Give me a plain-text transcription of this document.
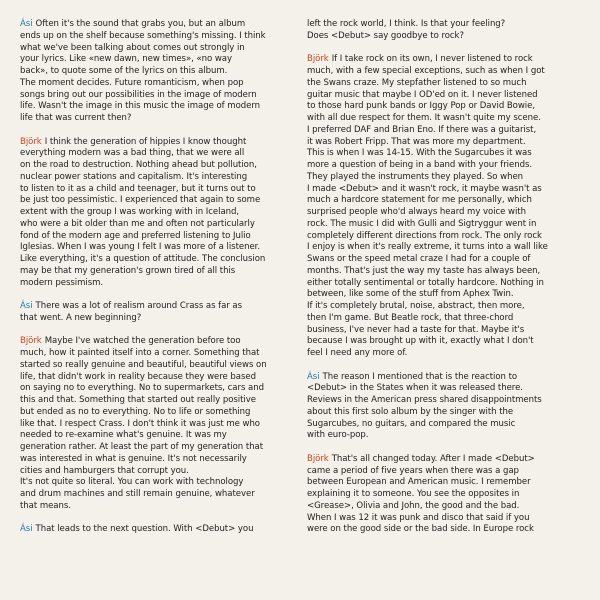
Ási Often it's the sound that grabs you, but an album
ends up on the shelf because something's missing. I think
what we've been talking about comes out strongly in
your lyrics. Like «new dawn, new times», «no way
back», to quote some of the lyrics on this album.
The moment decides. Future romanticism, when pop
songs bring out our possibilities in the image of modern
life. Wasn't the image in this music the image of modern
life that was current then?

Björk I think the generation of hippies I know thought
everything modern was a bad thing, that we were all
on the road to destruction. Nothing ahead but pollution,
nuclear power stations and capitalism. It's interesting
to listen to it as a child and teenager, but it turns out to
be just too pessimistic. I experienced that again to some
extent with the group I was working with in Iceland,
who were a bit older than me and often not particularly
fond of the modern age and preferred listening to Julio
Iglesias. When I was young I felt I was more of a listener.
Like everything, it's a question of attitude. The conclusion
may be that my generation's grown tired of all this
modern pessimism.

Ási There was a lot of realism around Crass as far as
that went. A new beginning?

Björk Maybe I've watched the generation before too
much, how it painted itself into a corner. Something that
started so really genuine and beautiful, beautiful views on
life, that didn't work in reality because they were based
on saying no to everything. No to supermarkets, cars and
this and that. Something that started out really positive
but ended as no to everything. No to life or something
like that. I respect Crass. I don't think it was just me who
needed to re-examine what's genuine. It was my
generation rather. At least the part of my generation that
was interested in what is genuine. It's not necessarily
cities and hamburgers that corrupt you.
It's not quite so literal. You can work with technology
and drum machines and still remain genuine, whatever
that means.

Ási That leads to the next question. With <Debut> you

left the rock world, I think. Is that your feeling?
Does <Debut> say goodbye to rock?

Björk If I take rock on its own, I never listened to rock
much, with a few special exceptions, such as when I got
the Swans craze. My stepfather listened to so much
guitar music that maybe I OD'ed on it. I never listened
to those hard punk bands or Iggy Pop or David Bowie,
with all due respect for them. It wasn't quite my scene.
I preferred DAF and Brian Eno. If there was a guitarist,
it was Robert Fripp. That was more my department.
This is when I was 14-15. With the Sugarcubes it was
more a question of being in a band with your friends.
They played the instruments they played. So when
I made <Debut> and it wasn't rock, it maybe wasn't as
much a hardcore statement for me personally, which
surprised people who'd always heard my voice with
rock. The music I did with Gulli and Sigtryggur went in
completely different directions from rock. The only rock
I enjoy is when it's really extreme, it turns into a wall like
Swans or the speed metal craze I had for a couple of
months. That's just the way my taste has always been,
either totally sentimental or totally hardcore. Nothing in
between, like some of the stuff from Aphex Twin.
If it's completely brutal, noise, abstract, then more,
then I'm game. But Beatle rock, that three-chord
business, I've never had a taste for that. Maybe it's
because I was brought up with it, exactly what I don't
feel I need any more of.

Ási The reason I mentioned that is the reaction to
<Debut> in the States when it was released there.
Reviews in the American press shared disappointments
about this first solo album by the singer with the
Sugarcubes, no guitars, and compared the music
with euro-pop.

Björk That's all changed today. After I made <Debut>
came a period of five years when there was a gap
between European and American music. I remember
explaining it to someone. You see the opposites in
<Grease>, Olivia and John, the good and the bad.
When I was 12 it was punk and disco that said if you
were on the good side or the bad side. In Europe rock
